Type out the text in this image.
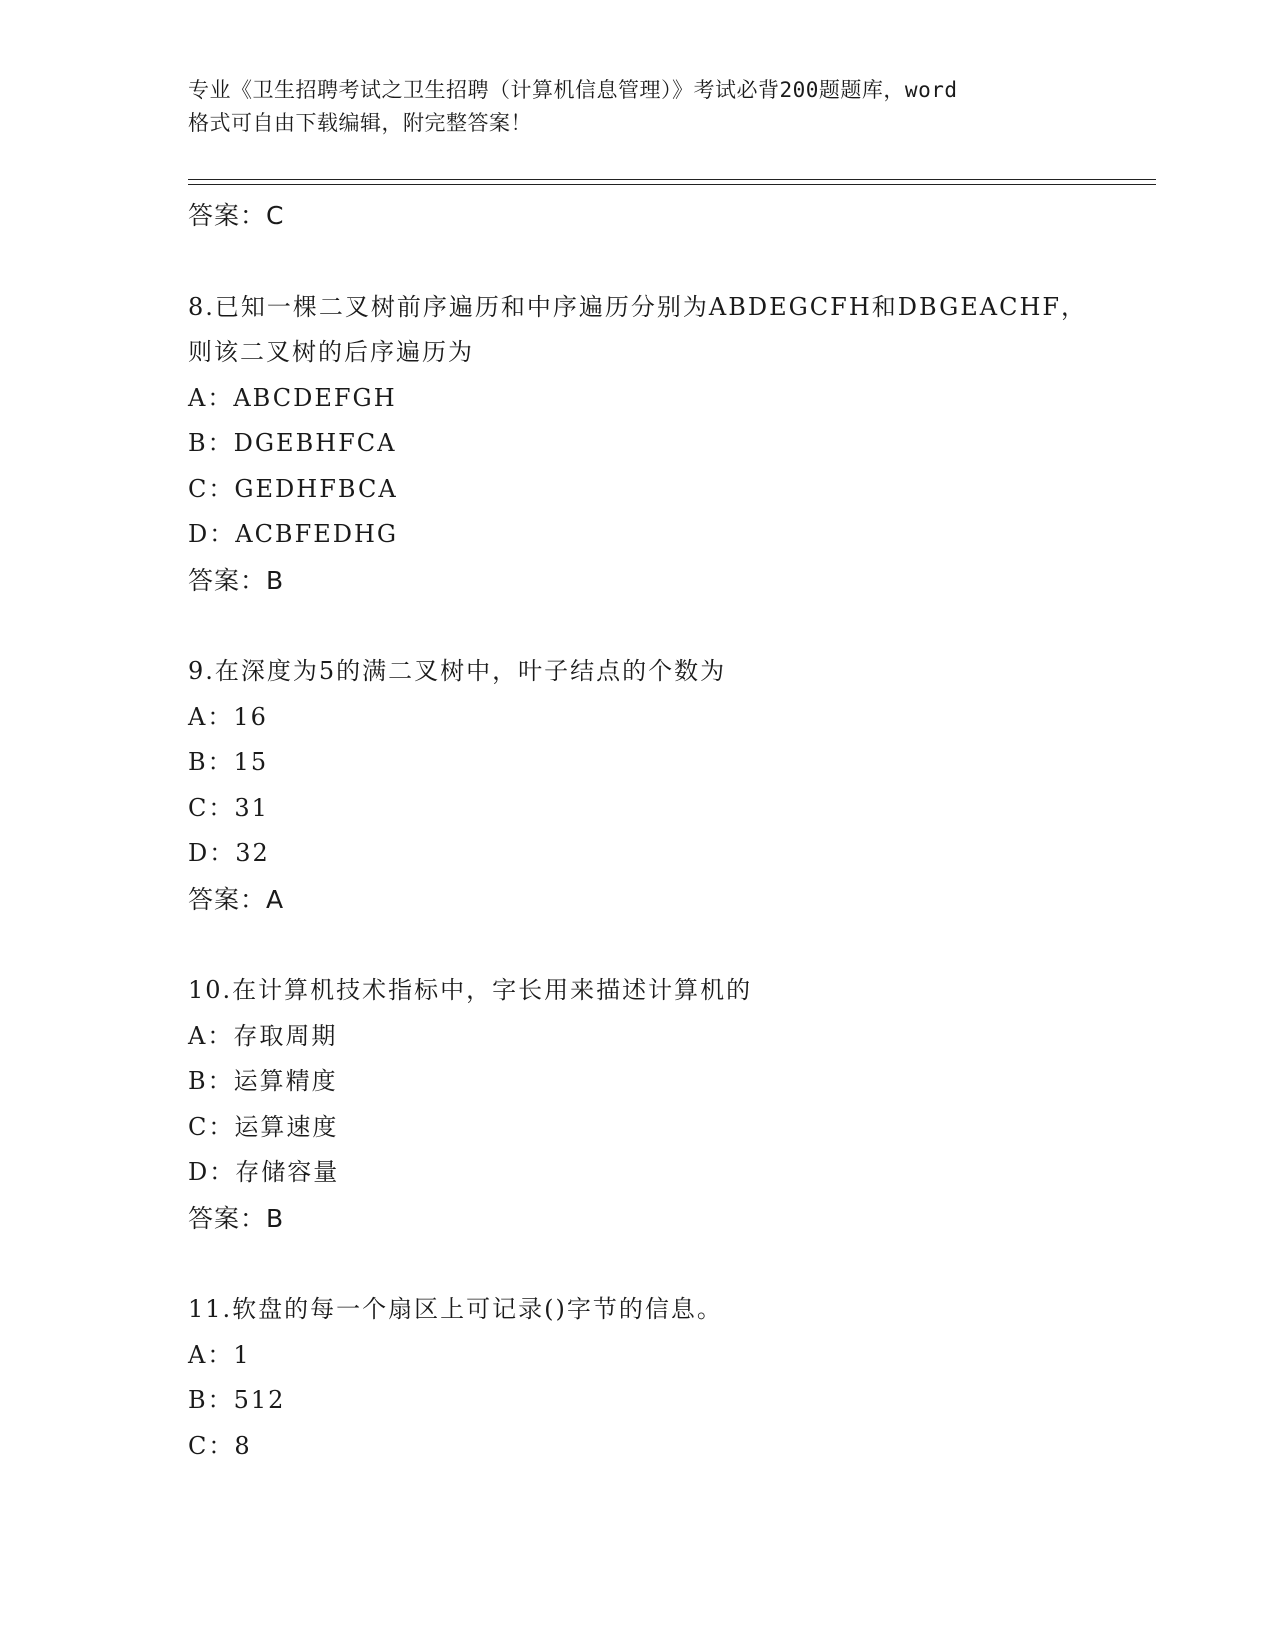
专业《卫生招聘考试之卫生招聘（计算机信息管理）》考试必背200题题库，word
格式可自由下载编辑，附完整答案！
答案：C
8.已知一棵二叉树前序遍历和中序遍历分别为ABDEGCFH和DBGEACHF，
则该二叉树的后序遍历为
A：ABCDEFGH
B：DGEBHFCA
C：GEDHFBCA
D：ACBFEDHG
答案：B
9.在深度为5的满二叉树中，叶子结点的个数为
A：16
B：15
C：31
D：32
答案：A
10.在计算机技术指标中，字长用来描述计算机的
A：存取周期
B：运算精度
C：运算速度
D：存储容量
答案：B
11.软盘的每一个扇区上可记录()字节的信息。
A：1
B：512
C：8
